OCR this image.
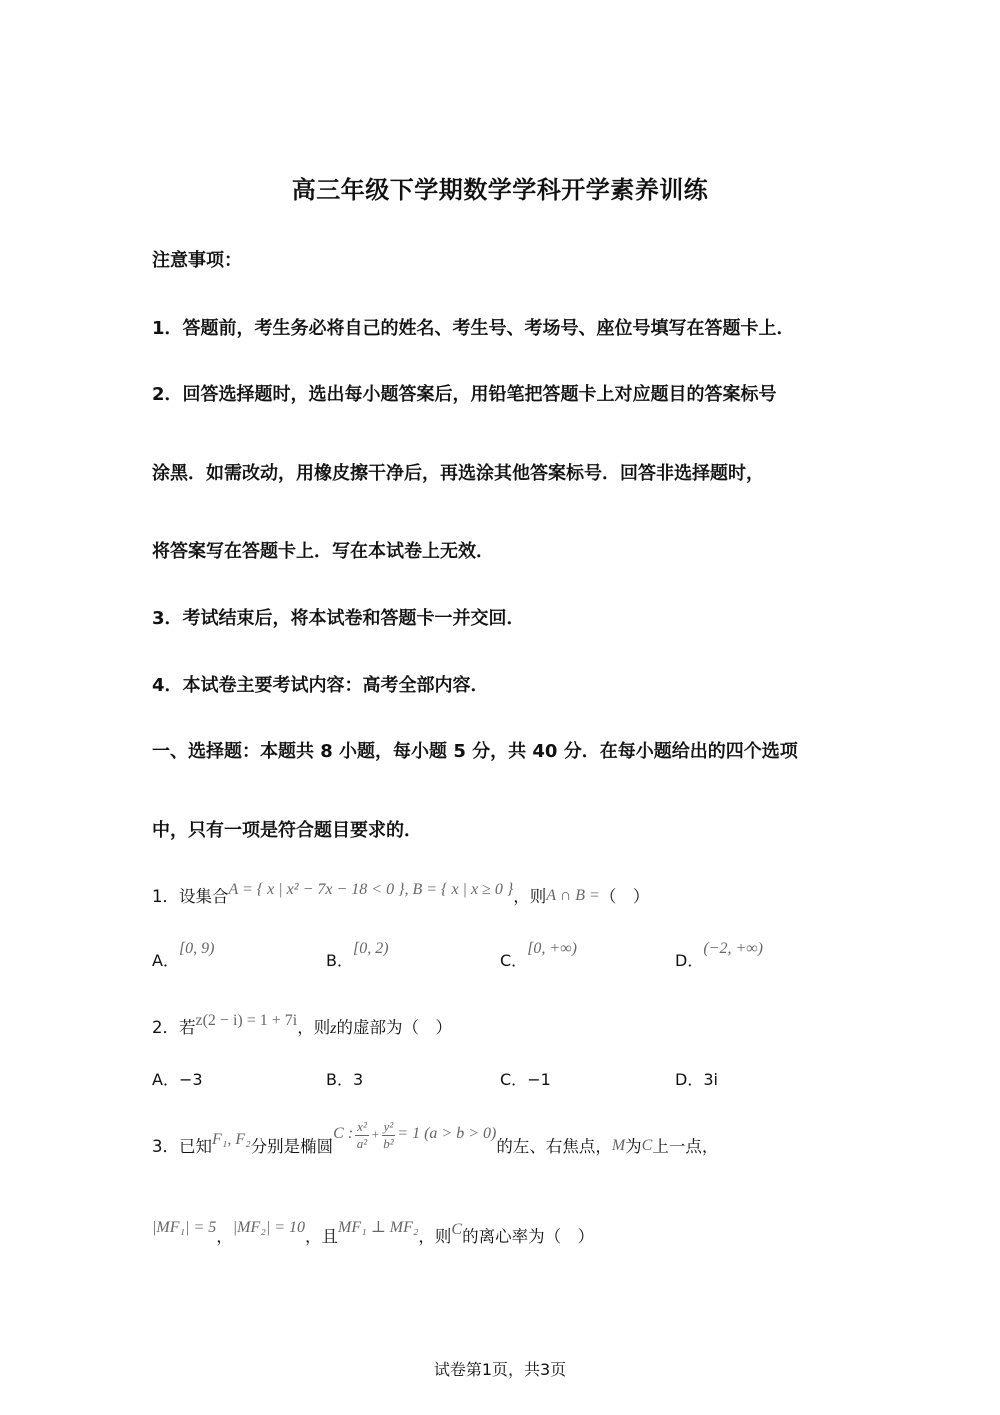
高三年级下学期数学学科开学素养训练
注意事项：
1．答题前，考生务必将自己的姓名、考生号、考场号、座位号填写在答题卡上．
2．回答选择题时，选出每小题答案后，用铅笔把答题卡上对应题目的答案标号
涂黑．如需改动，用橡皮擦干净后，再选涂其他答案标号．回答非选择题时，
将答案写在答题卡上．写在本试卷上无效．
3．考试结束后，将本试卷和答题卡一并交回．
4．本试卷主要考试内容：高考全部内容．
一、选择题：本题共 8 小题，每小题 5 分，共 40 分．在每小题给出的四个选项
中，只有一项是符合题目要求的．
1．设集合A = { x | x² − 7x − 18 < 0 }, B = { x | x ≥ 0 }，则A ∩ B =（　）
A．[0, 9)
B．[0, 2)
C．[0, +∞)
D．(−2, +∞)
2．若z(2 − i) = 1 + 7i，则z的虚部为（　）
A．−3	B．3	C．−1	D．3i
3．已知F₁, F₂分别是椭圆C : $\frac{\text{x²}}{\text{a²}} + \frac{\text{y²}}{\text{b²}} = 1$ (a > b > 0)的左、右焦点，M为C上一点，
|MF₁| = 5，|MF₂| = 10，且MF₁ ⊥ MF₂，则C的离心率为（　）
试卷第1页，共3页
